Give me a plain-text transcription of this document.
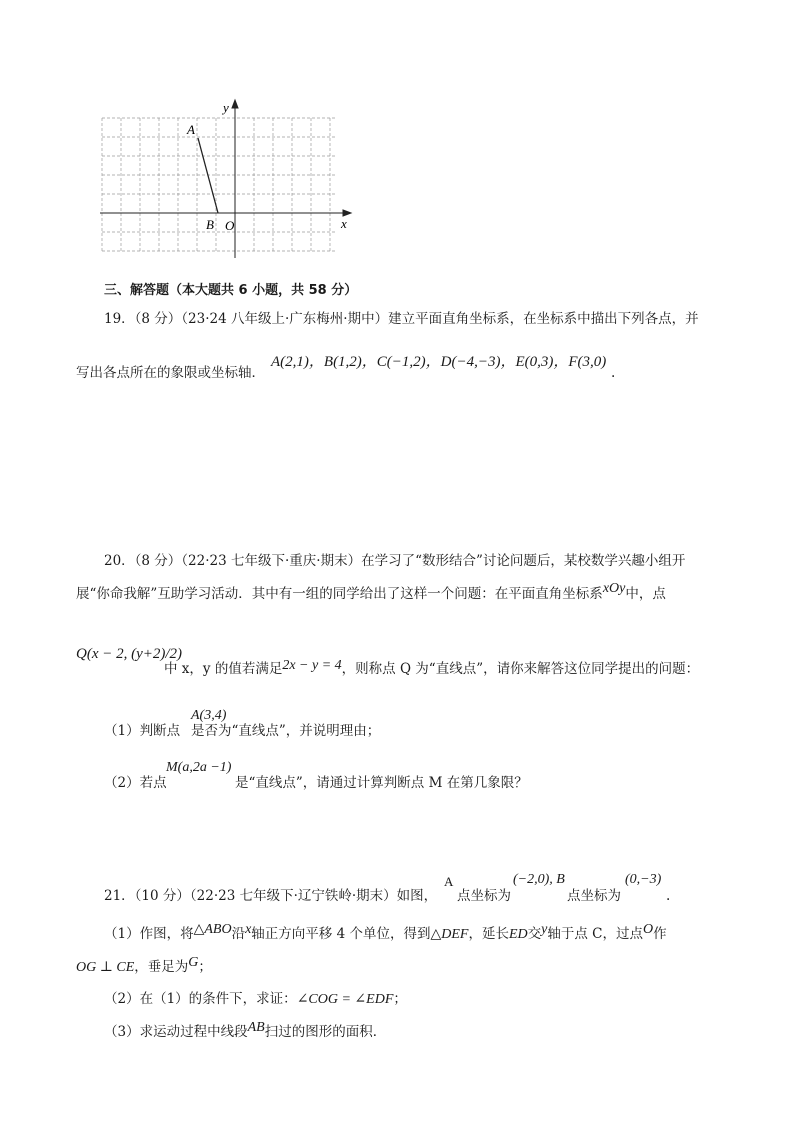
y
x
A
B O
三、解答题（本大题共 6 小题，共 58 分）
19．（8 分）（23·24 八年级上·广东梅州·期中）建立平面直角坐标系，在坐标系中描出下列各点，并
写出各点所在的象限或坐标轴．
A(2,1)，B(1,2)，C(−1,2)，D(−4,−3)，E(0,3)，F(3,0)
.
20．（8 分）（22·23 七年级下·重庆·期末）在学习了“数形结合”讨论问题后，某校数学兴趣小组开
展“你命我解”互助学习活动．其中有一组的同学给出了这样一个问题：在平面直角坐标系xOy中，点
Q(x − 2, (y+2)/2)
中 x，y 的值若满足2x − y = 4，则称点 Q 为“直线点”，请你来解答这位同学提出的问题：
（1）判断点
A(3,4)
是否为“直线点”，并说明理由；
（2）若点
M(a,2a −1)
是“直线点”，请通过计算判断点 M 在第几象限？
21．（10 分）（22·23 七年级下·辽宁铁岭·期末）如图，
A
点坐标为
(−2,0), B
点坐标为
(0,−3)
.
（1）作图，将△ABO沿x轴正方向平移 4 个单位，得到△DEF，延长ED交y轴于点 C，过点O作
OG ⊥ CE，垂足为G；
（2）在（1）的条件下，求证：∠COG = ∠EDF；
（3）求运动过程中线段AB扫过的图形的面积．
